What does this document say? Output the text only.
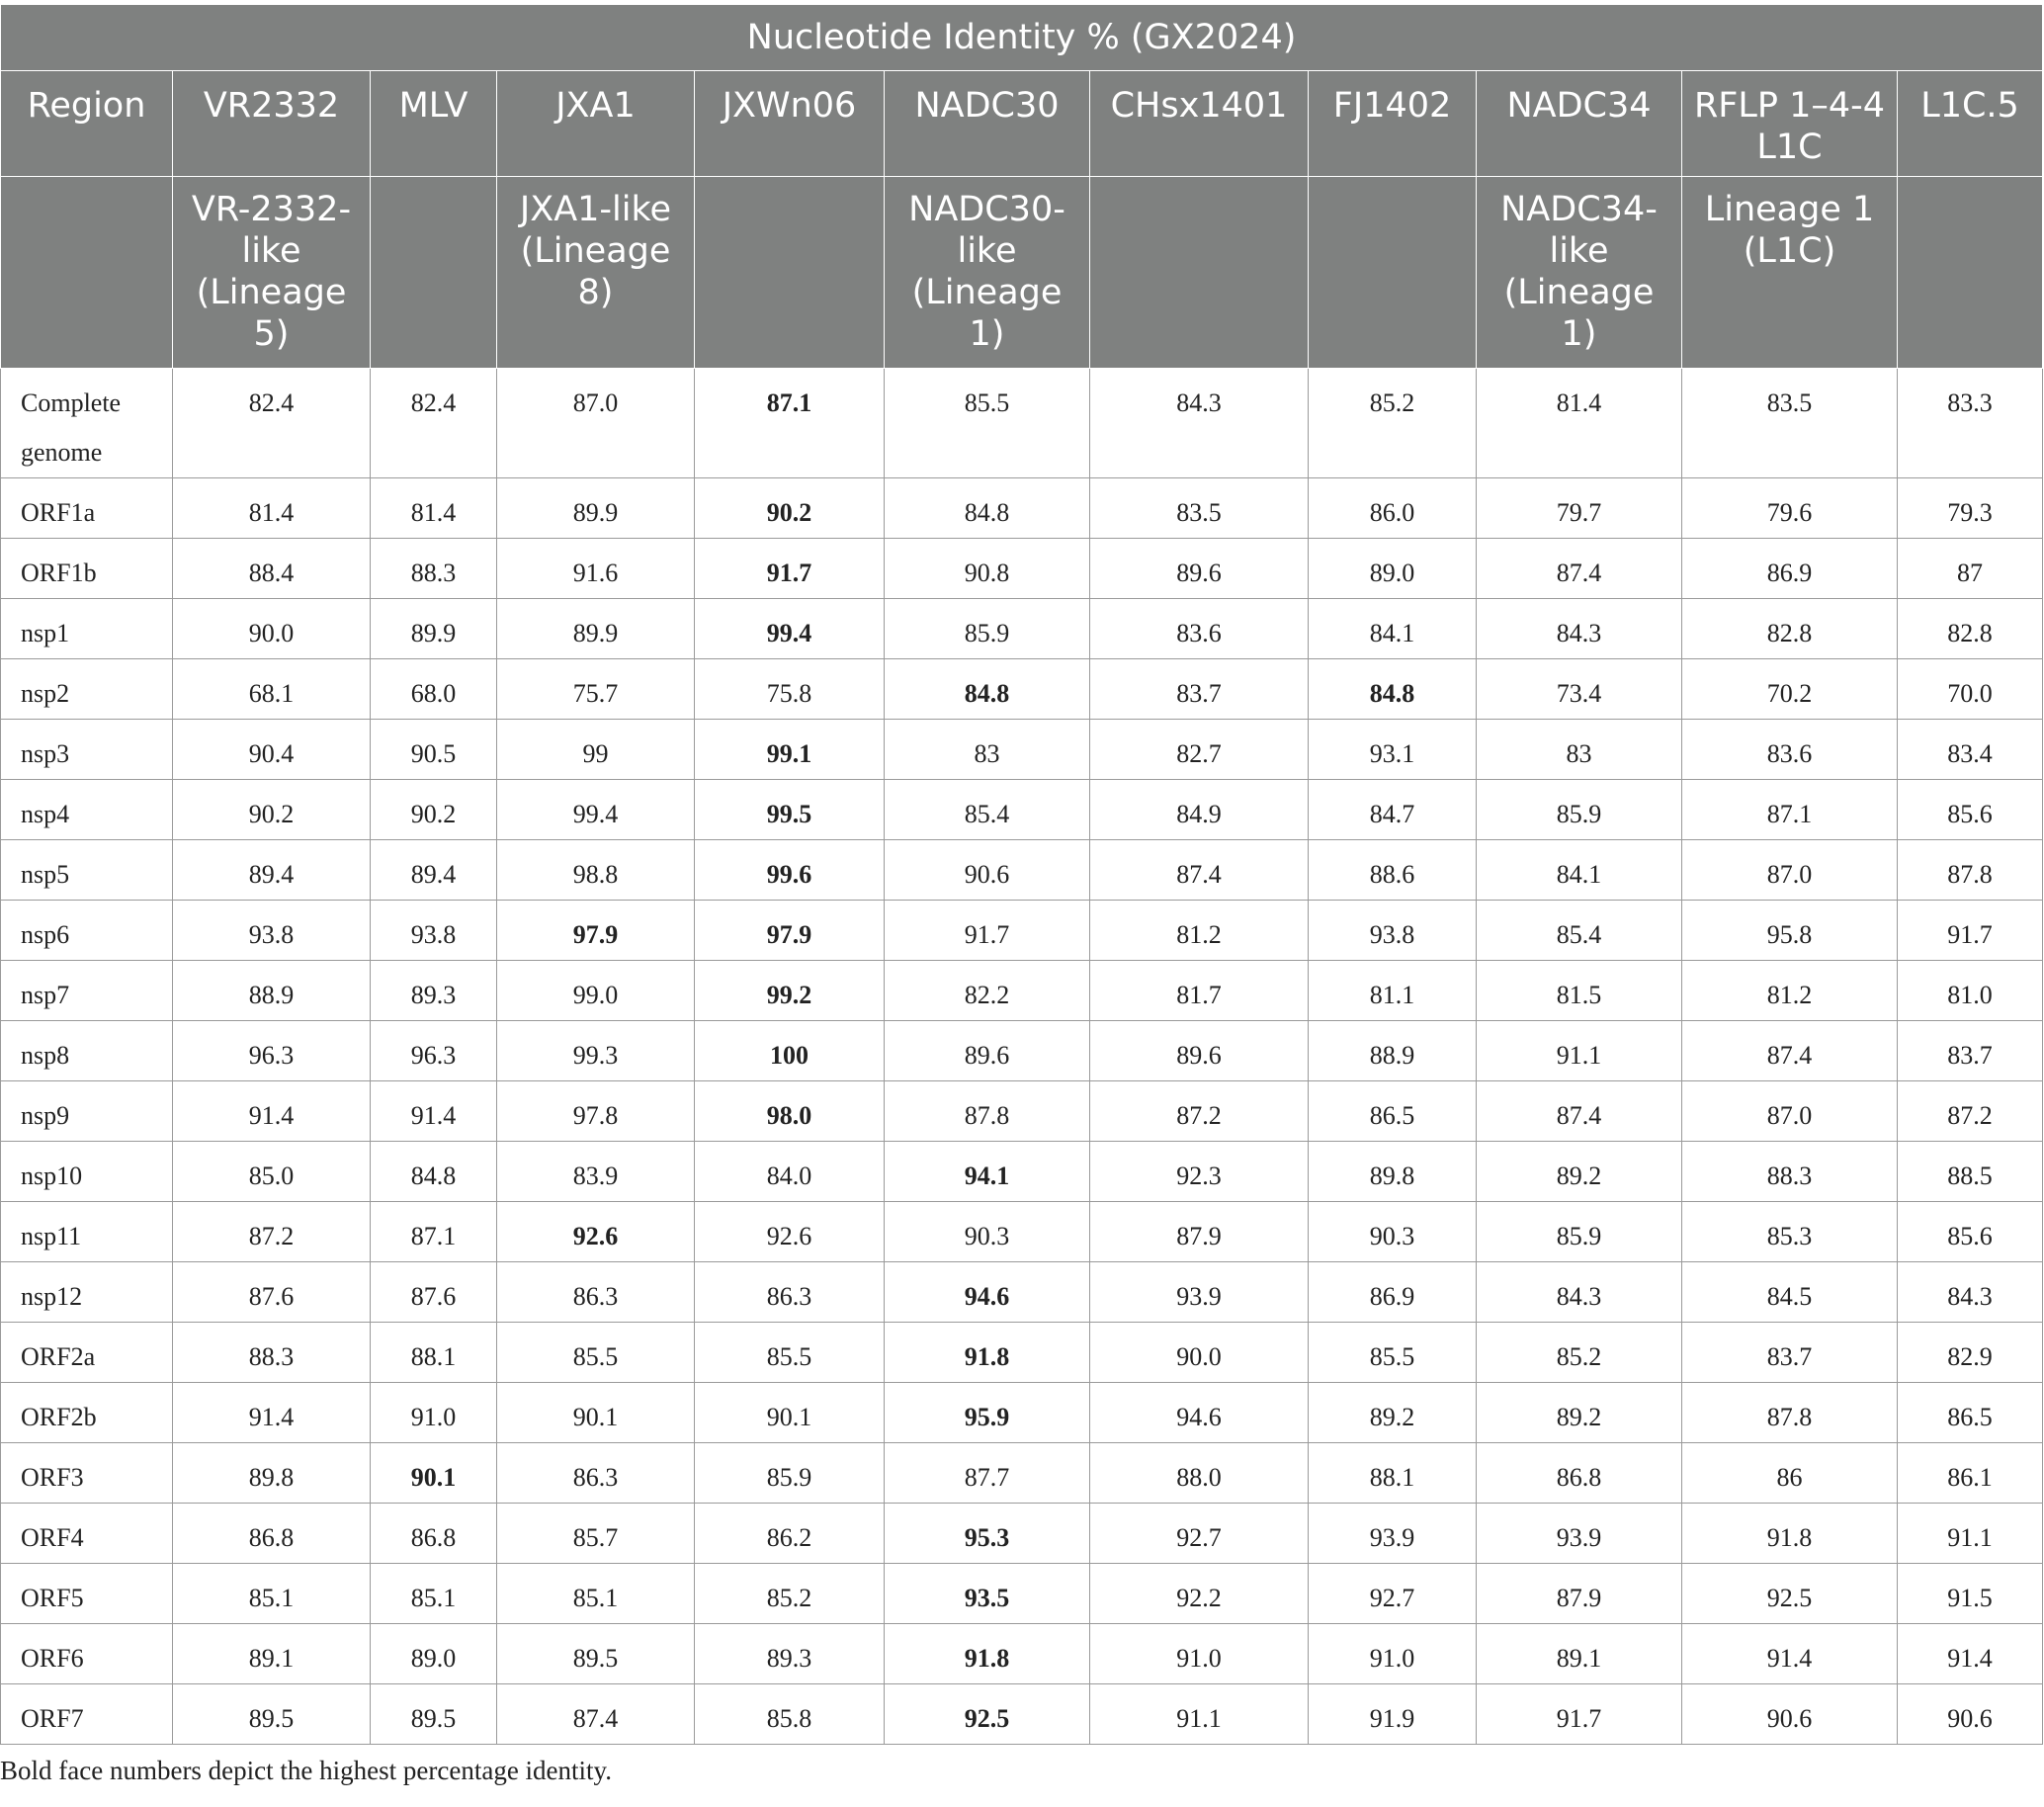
Nucleotide Identity % (GX2024)										
Region	VR2332	MLV	JXA1	JXWn06	NADC30	CHsx1401	FJ1402	NADC34	RFLP 1–4-4 L1C	L1C.5
	VR-2332-like (Lineage 5)		JXA1-like (Lineage 8)		NADC30-like (Lineage 1)			NADC34-like (Lineage 1)	Lineage 1 (L1C)	
Complete genome	82.4	82.4	87.0	87.1	85.5	84.3	85.2	81.4	83.5	83.3
ORF1a	81.4	81.4	89.9	90.2	84.8	83.5	86.0	79.7	79.6	79.3
ORF1b	88.4	88.3	91.6	91.7	90.8	89.6	89.0	87.4	86.9	87
nsp1	90.0	89.9	89.9	99.4	85.9	83.6	84.1	84.3	82.8	82.8
nsp2	68.1	68.0	75.7	75.8	84.8	83.7	84.8	73.4	70.2	70.0
nsp3	90.4	90.5	99	99.1	83	82.7	93.1	83	83.6	83.4
nsp4	90.2	90.2	99.4	99.5	85.4	84.9	84.7	85.9	87.1	85.6
nsp5	89.4	89.4	98.8	99.6	90.6	87.4	88.6	84.1	87.0	87.8
nsp6	93.8	93.8	97.9	97.9	91.7	81.2	93.8	85.4	95.8	91.7
nsp7	88.9	89.3	99.0	99.2	82.2	81.7	81.1	81.5	81.2	81.0
nsp8	96.3	96.3	99.3	100	89.6	89.6	88.9	91.1	87.4	83.7
nsp9	91.4	91.4	97.8	98.0	87.8	87.2	86.5	87.4	87.0	87.2
nsp10	85.0	84.8	83.9	84.0	94.1	92.3	89.8	89.2	88.3	88.5
nsp11	87.2	87.1	92.6	92.6	90.3	87.9	90.3	85.9	85.3	85.6
nsp12	87.6	87.6	86.3	86.3	94.6	93.9	86.9	84.3	84.5	84.3
ORF2a	88.3	88.1	85.5	85.5	91.8	90.0	85.5	85.2	83.7	82.9
ORF2b	91.4	91.0	90.1	90.1	95.9	94.6	89.2	89.2	87.8	86.5
ORF3	89.8	90.1	86.3	85.9	87.7	88.0	88.1	86.8	86	86.1
ORF4	86.8	86.8	85.7	86.2	95.3	92.7	93.9	93.9	91.8	91.1
ORF5	85.1	85.1	85.1	85.2	93.5	92.2	92.7	87.9	92.5	91.5
ORF6	89.1	89.0	89.5	89.3	91.8	91.0	91.0	89.1	91.4	91.4
ORF7	89.5	89.5	87.4	85.8	92.5	91.1	91.9	91.7	90.6	90.6
Bold face numbers depict the highest percentage identity.
